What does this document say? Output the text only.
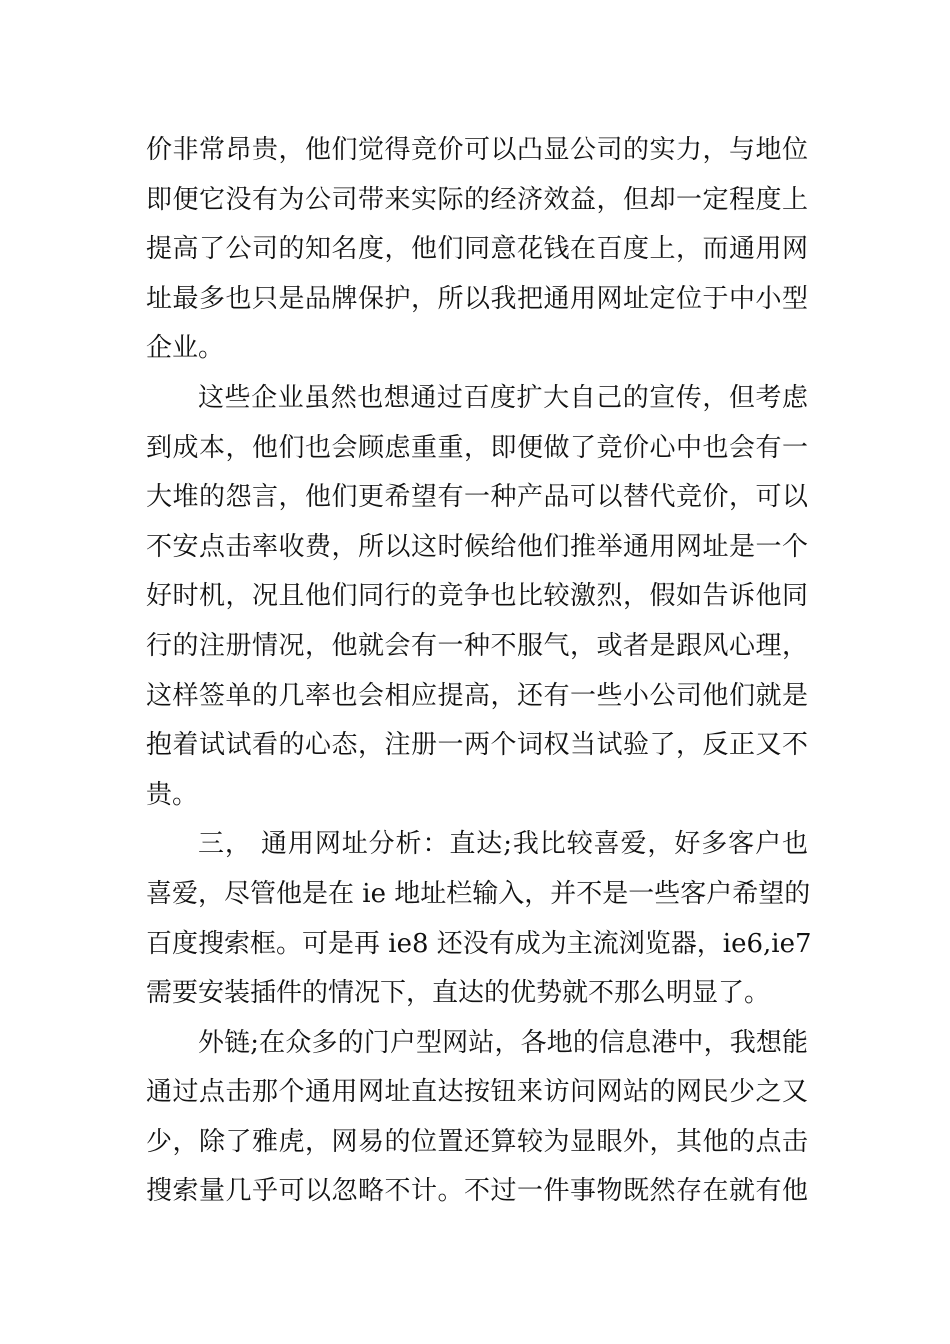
价非常昂贵，他们觉得竞价可以凸显公司的实力，与地位
即便它没有为公司带来实际的经济效益，但却一定程度上
提高了公司的知名度，他们同意花钱在百度上，而通用网
址最多也只是品牌保护，所以我把通用网址定位于中小型
企业。
这些企业虽然也想通过百度扩大自己的宣传，但考虑
到成本，他们也会顾虑重重，即便做了竞价心中也会有一
大堆的怨言，他们更希望有一种产品可以替代竞价，可以
不安点击率收费，所以这时候给他们推举通用网址是一个
好时机，况且他们同行的竞争也比较激烈，假如告诉他同
行的注册情况，他就会有一种不服气，或者是跟风心理，
这样签单的几率也会相应提高，还有一些小公司他们就是
抱着试试看的心态，注册一两个词权当试验了，反正又不
贵。
三， 通用网址分析：直达;我比较喜爱，好多客户也
喜爱，尽管他是在 ie 地址栏输入，并不是一些客户希望的
百度搜索框。可是再 ie8 还没有成为主流浏览器，ie6,ie7
需要安装插件的情况下，直达的优势就不那么明显了。
外链;在众多的门户型网站，各地的信息港中，我想能
通过点击那个通用网址直达按钮来访问网站的网民少之又
少，除了雅虎，网易的位置还算较为显眼外，其他的点击
搜索量几乎可以忽略不计。不过一件事物既然存在就有他
